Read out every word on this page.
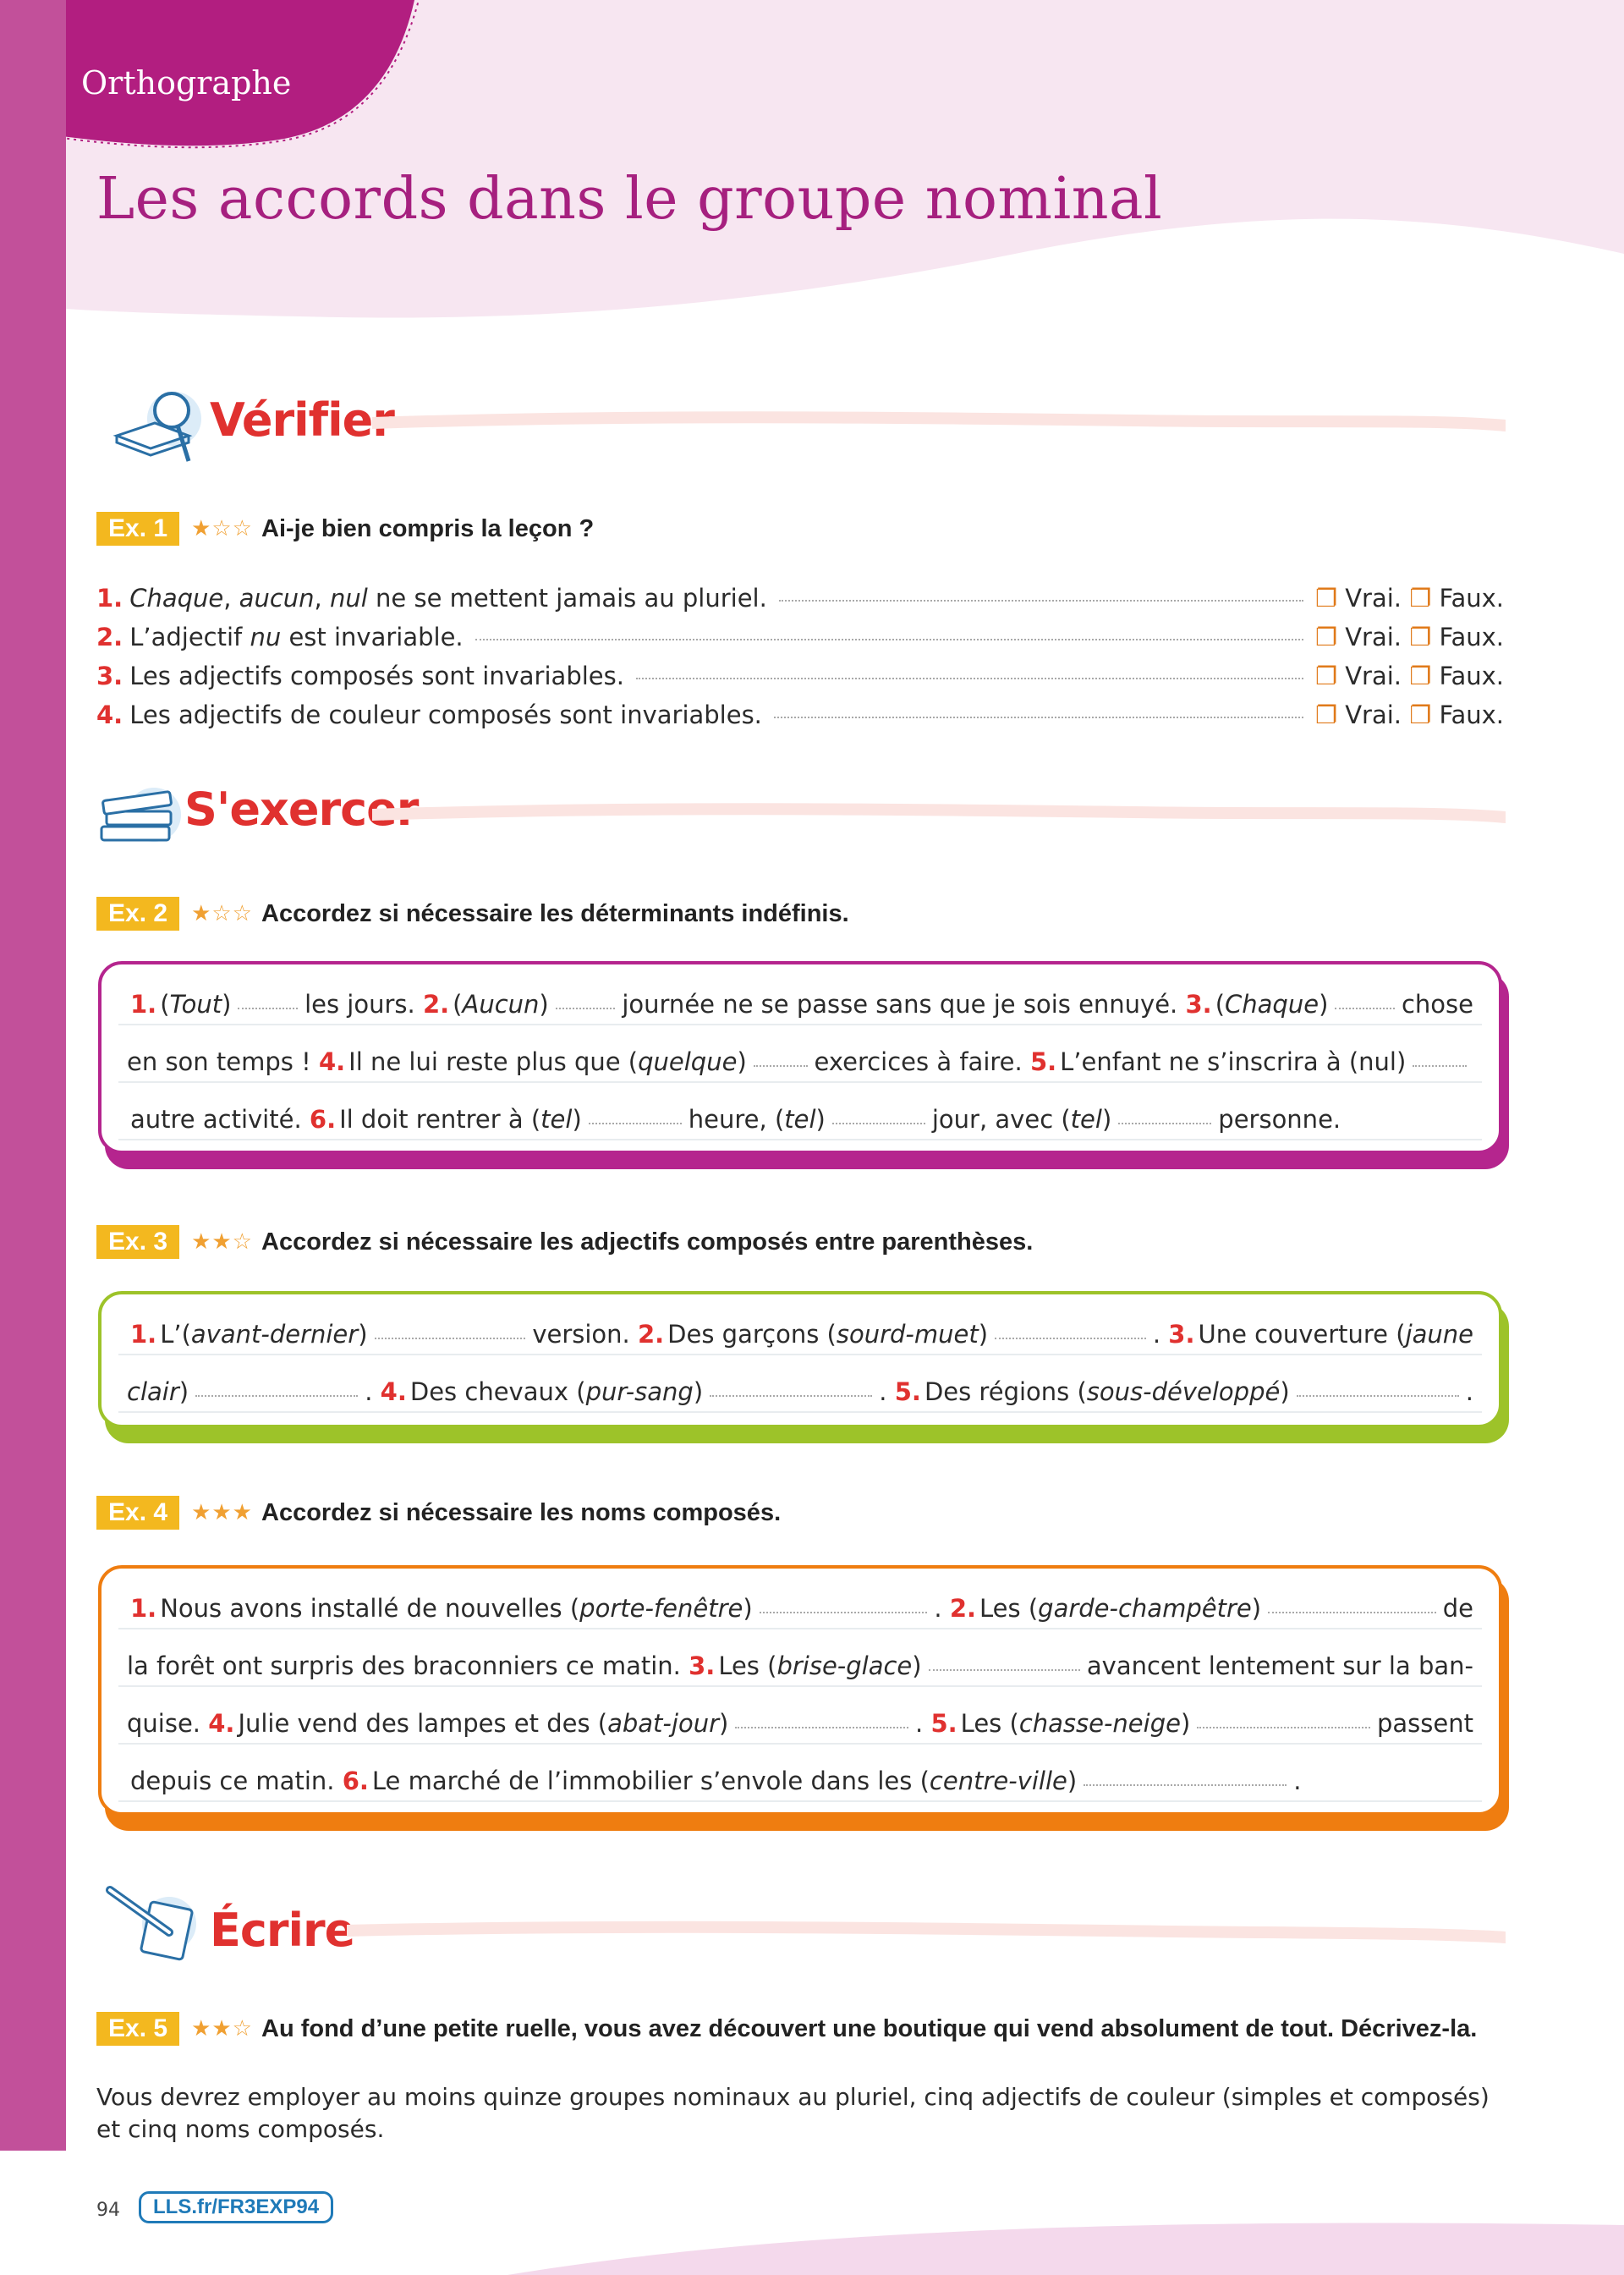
Orthographe
Les accords dans le groupe nominal
Vérifier
Ex. 1	★☆☆ Ai-je bien compris la leçon ?
1. Chaque, aucun, nul ne se mettent jamais au pluriel.	❐ Vrai. ❐ Faux.
2. L’adjectif nu est invariable.	❐ Vrai. ❐ Faux.
3. Les adjectifs composés sont invariables.	❐ Vrai. ❐ Faux.
4. Les adjectifs de couleur composés sont invariables.	❐ Vrai. ❐ Faux.
S'exercer
Ex. 2	★☆☆ Accordez si nécessaire les déterminants indéfinis.
1. ( Tout )	les jours.
2. ( Aucun )	journée ne se passe sans que je sois ennuyé.
3. ( Chaque )	chose
en son temps !
4. Il ne lui reste plus que ( quelque )	exercices à faire.
5. L’enfant ne s’inscrira à (nul)
autre activité.
6. Il doit rentrer à ( tel )	heure, ( tel )	jour, avec ( tel )	personne.
Ex. 3	★★☆ Accordez si nécessaire les adjectifs composés entre parenthèses.
1. L’( avant-dernier )	version.
2. Des garçons ( sourd-muet )	.
3. Une couverture ( jaune
clair )	.
4. Des chevaux ( pur-sang )	.
5. Des régions ( sous-développé )	.
Ex. 4	★★★ Accordez si nécessaire les noms composés.
1. Nous avons installé de nouvelles ( porte-fenêtre )	.
2. Les ( garde-champêtre )	de
la forêt ont surpris des braconniers ce matin.
3. Les ( brise-glace )	avancent lentement sur la ban-
quise.
4. Julie vend des lampes et des ( abat-jour )	.
5. Les ( chasse-neige )	passent
depuis ce matin.
6. Le marché de l’immobilier s’envole dans les ( centre-ville )	.
Écrire
Ex. 5	★★☆ Au fond d’une petite ruelle, vous avez découvert une boutique qui vend absolument de tout. Décrivez-la.
Vous devrez employer au moins quinze groupes nominaux au pluriel, cinq adjectifs de couleur (simples et composés) et cinq noms composés.
94	LLS.fr/FR3EXP94
